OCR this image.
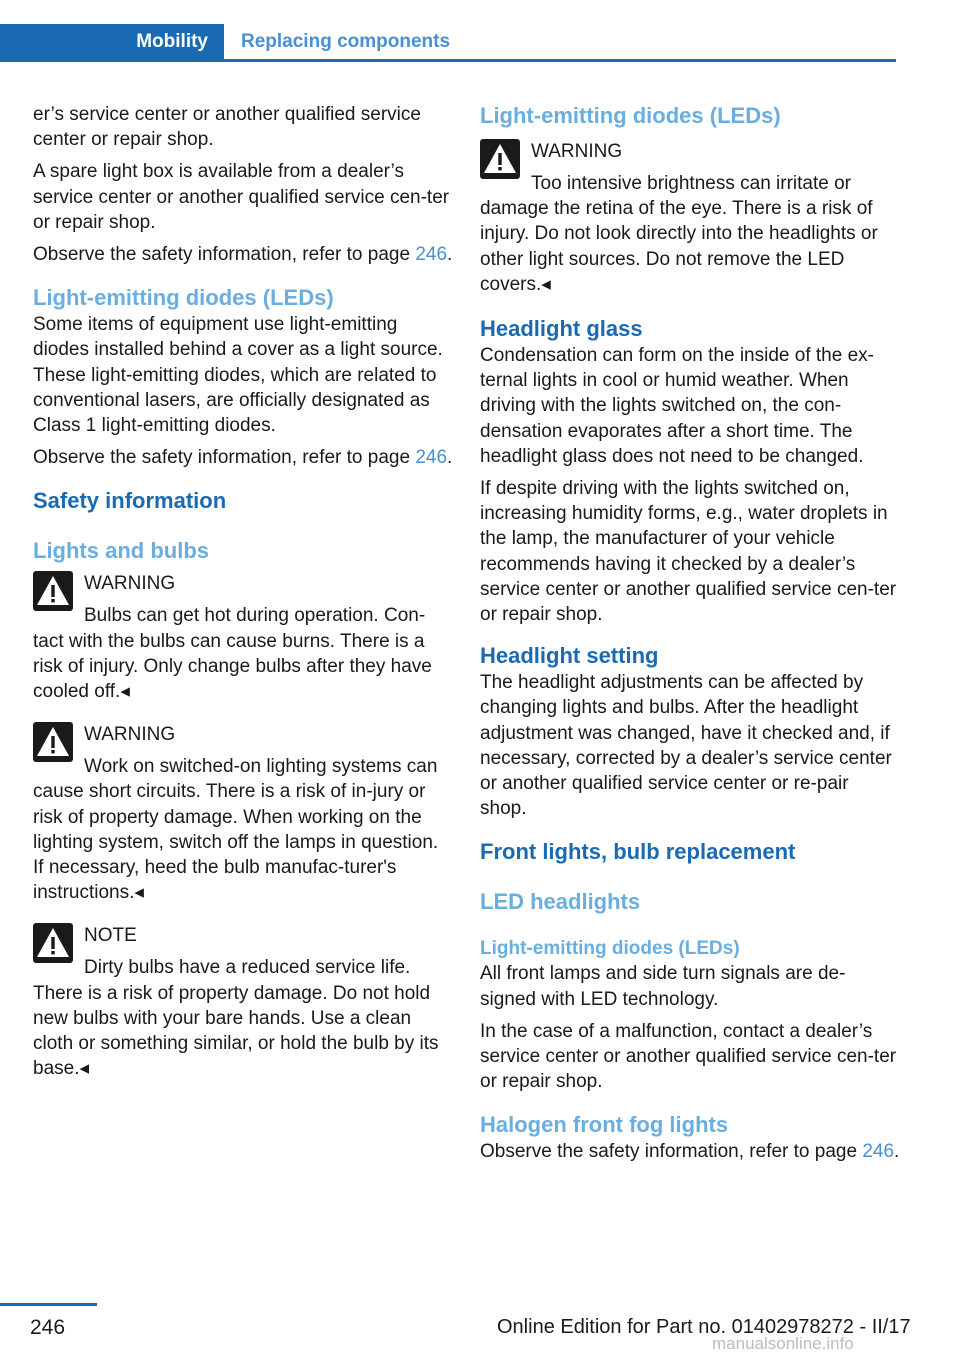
Mobility Replacing components

er’s service center or another qualified service center or repair shop.

A spare light box is available from a dealer’s service center or another qualified service cen-ter or repair shop.

Observe the safety information, refer to page 246.

Light-emitting diodes (LEDs)

Some items of equipment use light-emitting diodes installed behind a cover as a light source. These light-emitting diodes, which are related to conventional lasers, are officially designated as Class 1 light-emitting diodes.

Observe the safety information, refer to page 246.

Safety information
Lights and bulbs
WARNING

Bulbs can get hot during operation. Con-tact with the bulbs can cause burns. There is a risk of injury. Only change bulbs after they have cooled off.◂

WARNING

Work on switched-on lighting systems can cause short circuits. There is a risk of in-jury or risk of property damage. When working on the lighting system, switch off the lamps in question. If necessary, heed the bulb manufac-turer's instructions.◂

NOTE

Dirty bulbs have a reduced service life. There is a risk of property damage. Do not hold new bulbs with your bare hands. Use a clean cloth or something similar, or hold the bulb by its base.◂

Light-emitting diodes (LEDs)
WARNING

Too intensive brightness can irritate or damage the retina of the eye. There is a risk of injury. Do not look directly into the headlights or other light sources. Do not remove the LED covers.◂

Headlight glass

Condensation can form on the inside of the ex-ternal lights in cool or humid weather. When driving with the lights switched on, the con-densation evaporates after a short time. The headlight glass does not need to be changed.

If despite driving with the lights switched on, increasing humidity forms, e.g., water droplets in the lamp, the manufacturer of your vehicle recommends having it checked by a dealer’s service center or another qualified service cen-ter or repair shop.

Headlight setting

The headlight adjustments can be affected by changing lights and bulbs. After the headlight adjustment was changed, have it checked and, if necessary, corrected by a dealer’s service center or another qualified service center or re-pair shop.

Front lights, bulb replacement
LED headlights
Light-emitting diodes (LEDs)

All front lamps and side turn signals are de-signed with LED technology.

In the case of a malfunction, contact a dealer’s service center or another qualified service cen-ter or repair shop.

Halogen front fog lights

Observe the safety information, refer to page 246.

246	Online Edition for Part no. 01402978272 - II/17
manualsonline.info
